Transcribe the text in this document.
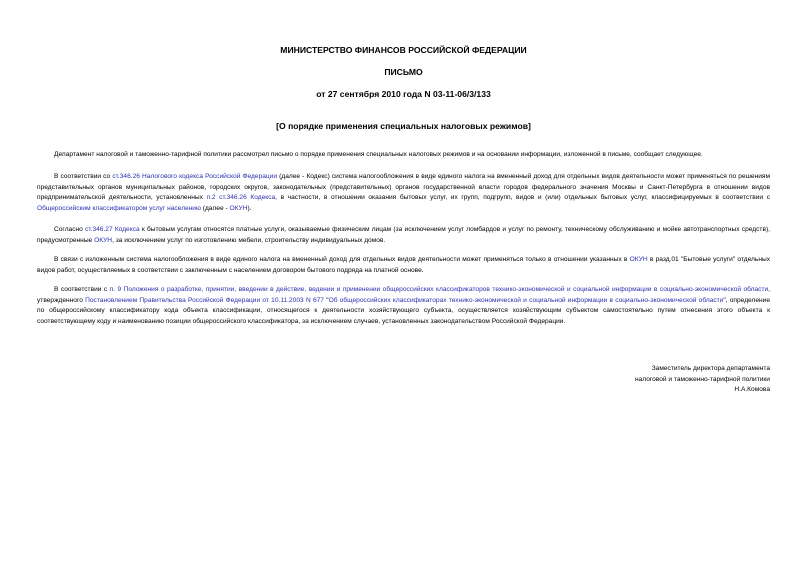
МИНИСТЕРСТВО ФИНАНСОВ РОССИЙСКОЙ ФЕДЕРАЦИИ
ПИСЬМО
от 27 сентября 2010 года N 03-11-06/3/133
[О порядке применения специальных налоговых режимов]
Департамент налоговой и таможенно-тарифной политики рассмотрел письмо о порядке применения специальных налоговых режимов и на основании информации, изложенной в письме, сообщает следующее.
В соответствии со ст.346.26 Налогового кодекса Российской Федерации (далее - Кодекс) система налогообложения в виде единого налога на вмененный доход для отдельных видов деятельности может применяться по решениям представительных органов муниципальных районов, городских округов, законодательных (представительных) органов государственной власти городов федерального значения Москвы и Санкт-Петербурга в отношении видов предпринимательской деятельности, установленных п.2 ст.346.26 Кодекса, в частности, в отношении оказания бытовых услуг, их групп, подгрупп, видов и (или) отдельных бытовых услуг, классифицируемых в соответствии с Общероссийским классификатором услуг населению (далее - ОКУН).
Согласно ст.346.27 Кодекса к бытовым услугам относятся платные услуги, оказываемые физическим лицам (за исключением услуг ломбардов и услуг по ремонту, техническому обслуживанию и мойке автотранспортных средств), предусмотренные ОКУН, за исключением услуг по изготовлению мебели, строительству индивидуальных домов.
В связи с изложенным система налогообложения в виде единого налога на вмененный доход для отдельных видов деятельности может применяться только в отношении указанных в ОКУН в разд.01 "Бытовые услуги" отдельных видов работ, осуществляемых в соответствии с заключенным с населением договором бытового подряда на платной основе.
В соответствии с п. 9 Положения о разработке, принятии, введении в действие, ведении и применении общероссийских классификаторов технико-экономической и социальной информации в социально-экономической области, утвержденного Постановлением Правительства Российской Федерации от 10.11.2003 N 677 "Об общероссийских классификаторах технико-экономической и социальной информации в социально-экономической области", определение по общероссийскому классификатору кода объекта классификации, относящегося к деятельности хозяйствующего субъекта, осуществляется хозяйствующим субъектом самостоятельно путем отнесения этого объекта к соответствующему коду и наименованию позиции общероссийского классификатора, за исключением случаев, установленных законодательством Российской Федерации.
Заместитель директора департамента
налоговой и таможенно-тарифной политики
Н.А.Комова
